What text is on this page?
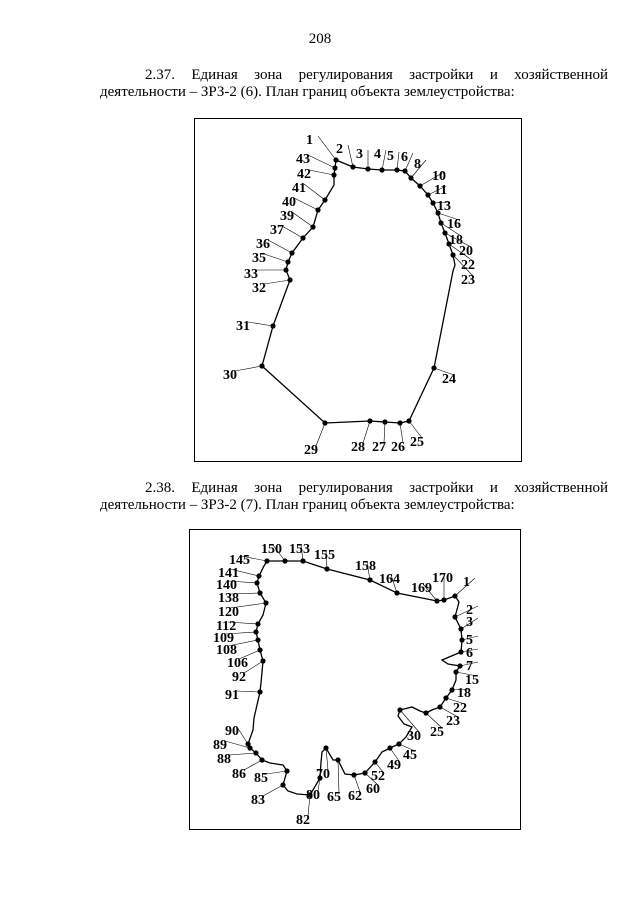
208
2.37. Единая зона регулирования застройки и хозяйственной
деятельности – ЗРЗ-2 (6). План границ объекта землеустройства:
2.38. Единая зона регулирования застройки и хозяйственной
деятельности – ЗРЗ-2 (7). План границ объекта землеустройства:
1
2 3 4 5 6 8
10
11
13
16
18
20
22
23
24
25
26
27
28
29
30
31
32
33
35
36
37
39
40
41
42
43
145
150 153 155
158
164
169
170 1
141
140
138
120
112
109
108
106
92
91
2
3
5
6
7
15
18
22
23
25
30
45
49
52
60
62
65
70
80
82
83
85
86
88
89
90
